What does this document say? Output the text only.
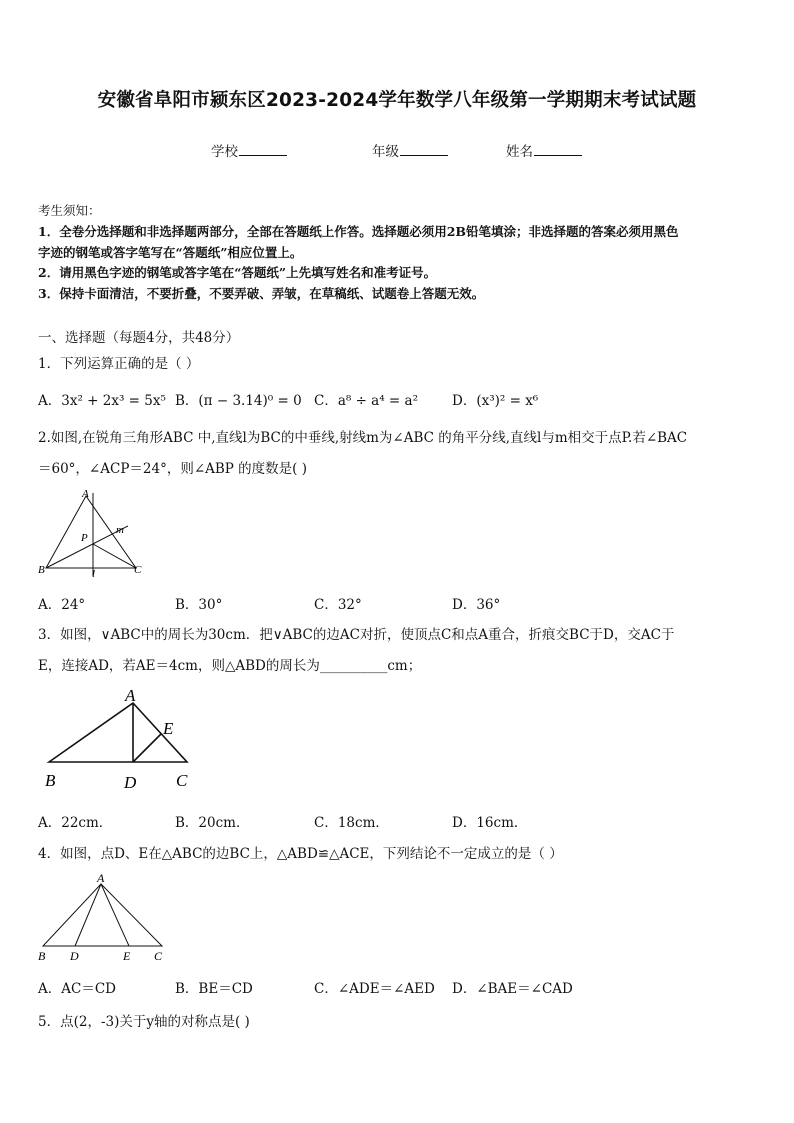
安徽省阜阳市颍东区2023-2024学年数学八年级第一学期期末考试试题
学校	年级	姓名
考生须知：
1．全卷分选择题和非选择题两部分，全部在答题纸上作答。选择题必须用2B铅笔填涂；非选择题的答案必须用黑色
字迹的钢笔或答字笔写在“答题纸”相应位置上。
2．请用黑色字迹的钢笔或答字笔在“答题纸”上先填写姓名和准考证号。
3．保持卡面清洁，不要折叠，不要弄破、弄皱，在草稿纸、试题卷上答题无效。
一、选择题（每题4分，共48分）
1．下列运算正确的是（ ）
A．3x² + 2x³ = 5x⁵ B．(π − 3.14)⁰ = 0 C．a⁸ ÷ a⁴ = a²	D．(x³)² = x⁶
2.如图,在锐角三角形ABC 中,直线l为BC的中垂线,射线m为∠ABC 的角平分线,直线l与m相交于点P.若∠BAC
＝60°，∠ACP＝24°，则∠ABP 的度数是( )
A
B	C
P
l
m
A．24°	B．30°	C．32°	D．36°
3．如图，∨ABC中的周长为30cm．把∨ABC的边AC对折，使顶点C和点A重合，折痕交BC于D，交AC于
E，连接AD，若AE＝4cm，则△ABD的周长为__________cm；
A
B	D C
E
A．22cm．	B．20cm．	C．18cm．	D．16cm．
4．如图，点D、E在△ABC的边BC上，△ABD≌△ACE，下列结论不一定成立的是（ ）
A
B D	E C
A．AC＝CD	B．BE＝CD	C．∠ADE＝∠AED D．∠BAE＝∠CAD
5．点(2，-3)关于y轴的对称点是( )
